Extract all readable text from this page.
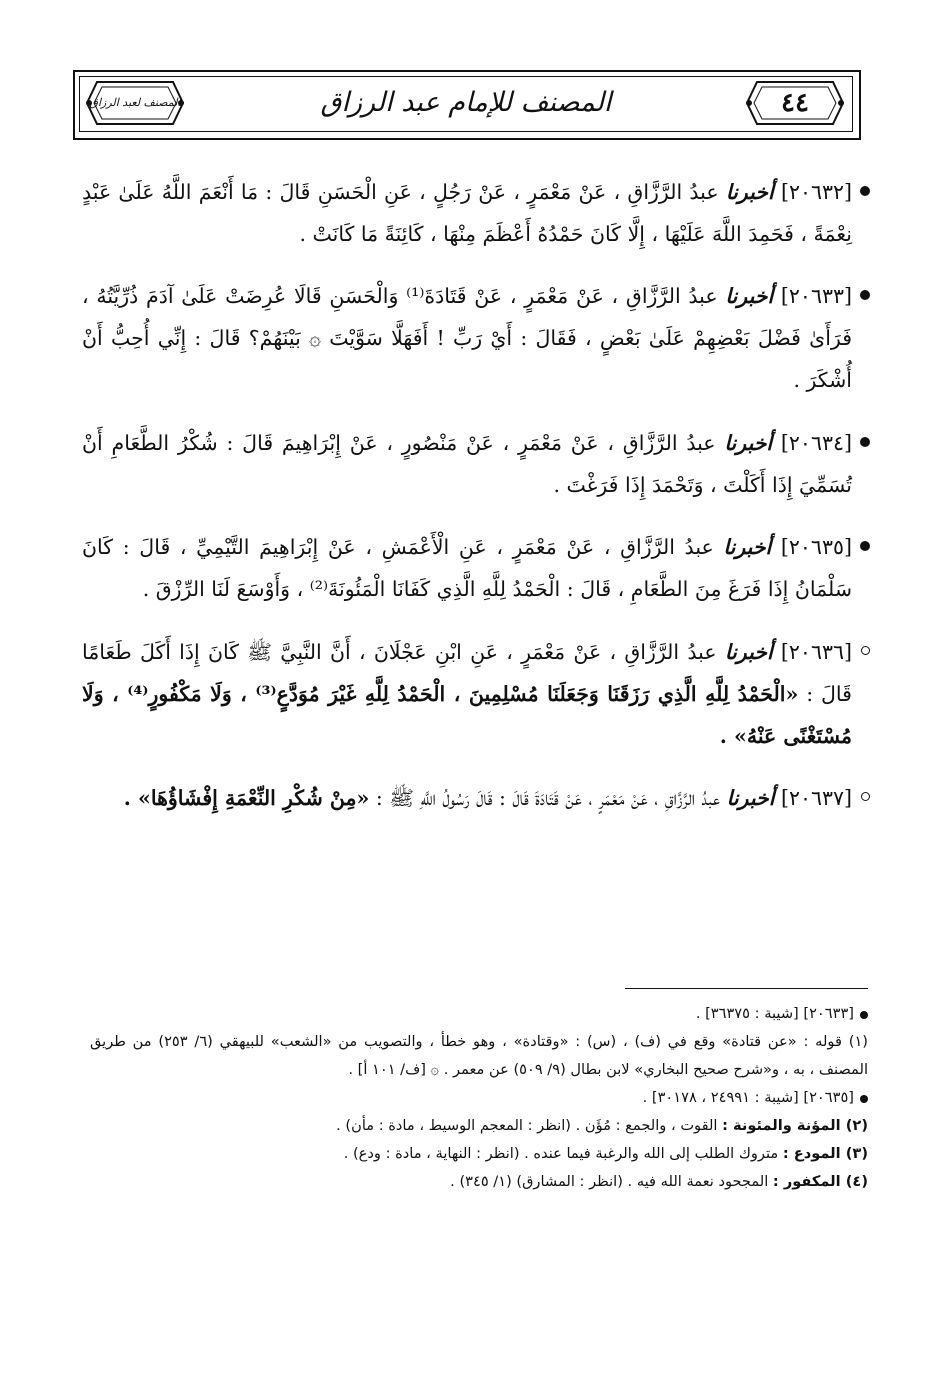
المصنف لعبد الرزاق	المصنف للإمام عبد الرزاق	٤٤

[٢٠٦٣٢] أخبرنا عبدُ الرَّزَّاقِ ، عَنْ مَعْمَرٍ ، عَنْ رَجُلٍ ، عَنِ الْحَسَنِ قَالَ : مَا أَنْعَمَ اللَّهُ عَلَىٰ عَبْدٍ نِعْمَةً ، فَحَمِدَ اللَّهَ عَلَيْهَا ، إِلَّا كَانَ حَمْدُهُ أَعْظَمَ مِنْهَا ، كَائِنَةً مَا كَانَتْ .

[٢٠٦٣٣] أخبرنا عبدُ الرَّزَّاقِ ، عَنْ مَعْمَرٍ ، عَنْ قَتَادَةَ⁽¹⁾ وَالْحَسَنِ قَالَا عُرِضَتْ عَلَىٰ آدَمَ ذُرِّيَّتُهُ ، فَرَأَىٰ فَضْلَ بَعْضِهِمْ عَلَىٰ بَعْضٍ ، فَقَالَ : أَيْ رَبِّ ! أَفَهَلَّا سَوَّيْتَ ۞ بَيْنَهُمْ؟ قَالَ : إِنِّي أُحِبُّ أَنْ أُشْكَرَ .

[٢٠٦٣٤] أخبرنا عبدُ الرَّزَّاقِ ، عَنْ مَعْمَرٍ ، عَنْ مَنْصُورٍ ، عَنْ إِبْرَاهِيمَ قَالَ : شُكْرُ الطَّعَامِ أَنْ تُسَمِّيَ إِذَا أَكَلْتَ ، وَتَحْمَدَ إِذَا فَرَغْتَ .

[٢٠٦٣٥] أخبرنا عبدُ الرَّزَّاقِ ، عَنْ مَعْمَرٍ ، عَنِ الْأَعْمَشِ ، عَنْ إِبْرَاهِيمَ التَّيْمِيِّ ، قَالَ : كَانَ سَلْمَانُ إِذَا فَرَغَ مِنَ الطَّعَامِ ، قَالَ : الْحَمْدُ لِلَّهِ الَّذِي كَفَانَا الْمَئُونَةَ⁽²⁾ ، وَأَوْسَعَ لَنَا الرِّزْقَ .

[٢٠٦٣٦] أخبرنا عبدُ الرَّزَّاقِ ، عَنْ مَعْمَرٍ ، عَنِ ابْنِ عَجْلَانَ ، أَنَّ النَّبِيَّ ﷺ كَانَ إِذَا أَكَلَ طَعَامًا قَالَ : «الْحَمْدُ لِلَّهِ الَّذِي رَزَقَنَا وَجَعَلَنَا مُسْلِمِينَ ، الْحَمْدُ لِلَّهِ غَيْرَ مُوَدَّعٍ⁽³⁾ ، وَلَا مَكْفُورٍ⁽⁴⁾ ، وَلَا مُسْتَغْنًى عَنْهُ» .

[٢٠٦٣٧] أخبرنا عبدُ الرَّزَّاقِ ، عَنْ مَعْمَرٍ ، عَنْ قَتَادَةَ قَالَ : قَالَ رَسُولُ اللَّهِ ﷺ : «مِنْ شُكْرِ النِّعْمَةِ إِفْشَاؤُهَا» .

[٢٠٦٣٣] [شيبة : ٣٦٣٧٥] .
(١) قوله : «عن قتادة» وقع في (ف) ، (س) : «وقتادة» ، وهو خطأ ، والتصويب من «الشعب» للبيهقي (٦/ ٢٥٣) من طريق المصنف ، به ، و«شرح صحيح البخاري» لابن بطال (٩/ ٥٠٩) عن معمر . ۞ [ف/ ١٠١ أ] .
[٢٠٦٣٥] [شيبة : ٢٤٩٩١ ، ٣٠١٧٨] .
(٢) المؤنة والمئونة : القوت ، والجمع : مُؤَن . (انظر : المعجم الوسيط ، مادة : مأن) .
(٣) المودع : متروك الطلب إلى الله والرغبة فيما عنده . (انظر : النهاية ، مادة : ودع) .
(٤) المكفور : المجحود نعمة الله فيه . (انظر : المشارق) (١/ ٣٤٥) .
